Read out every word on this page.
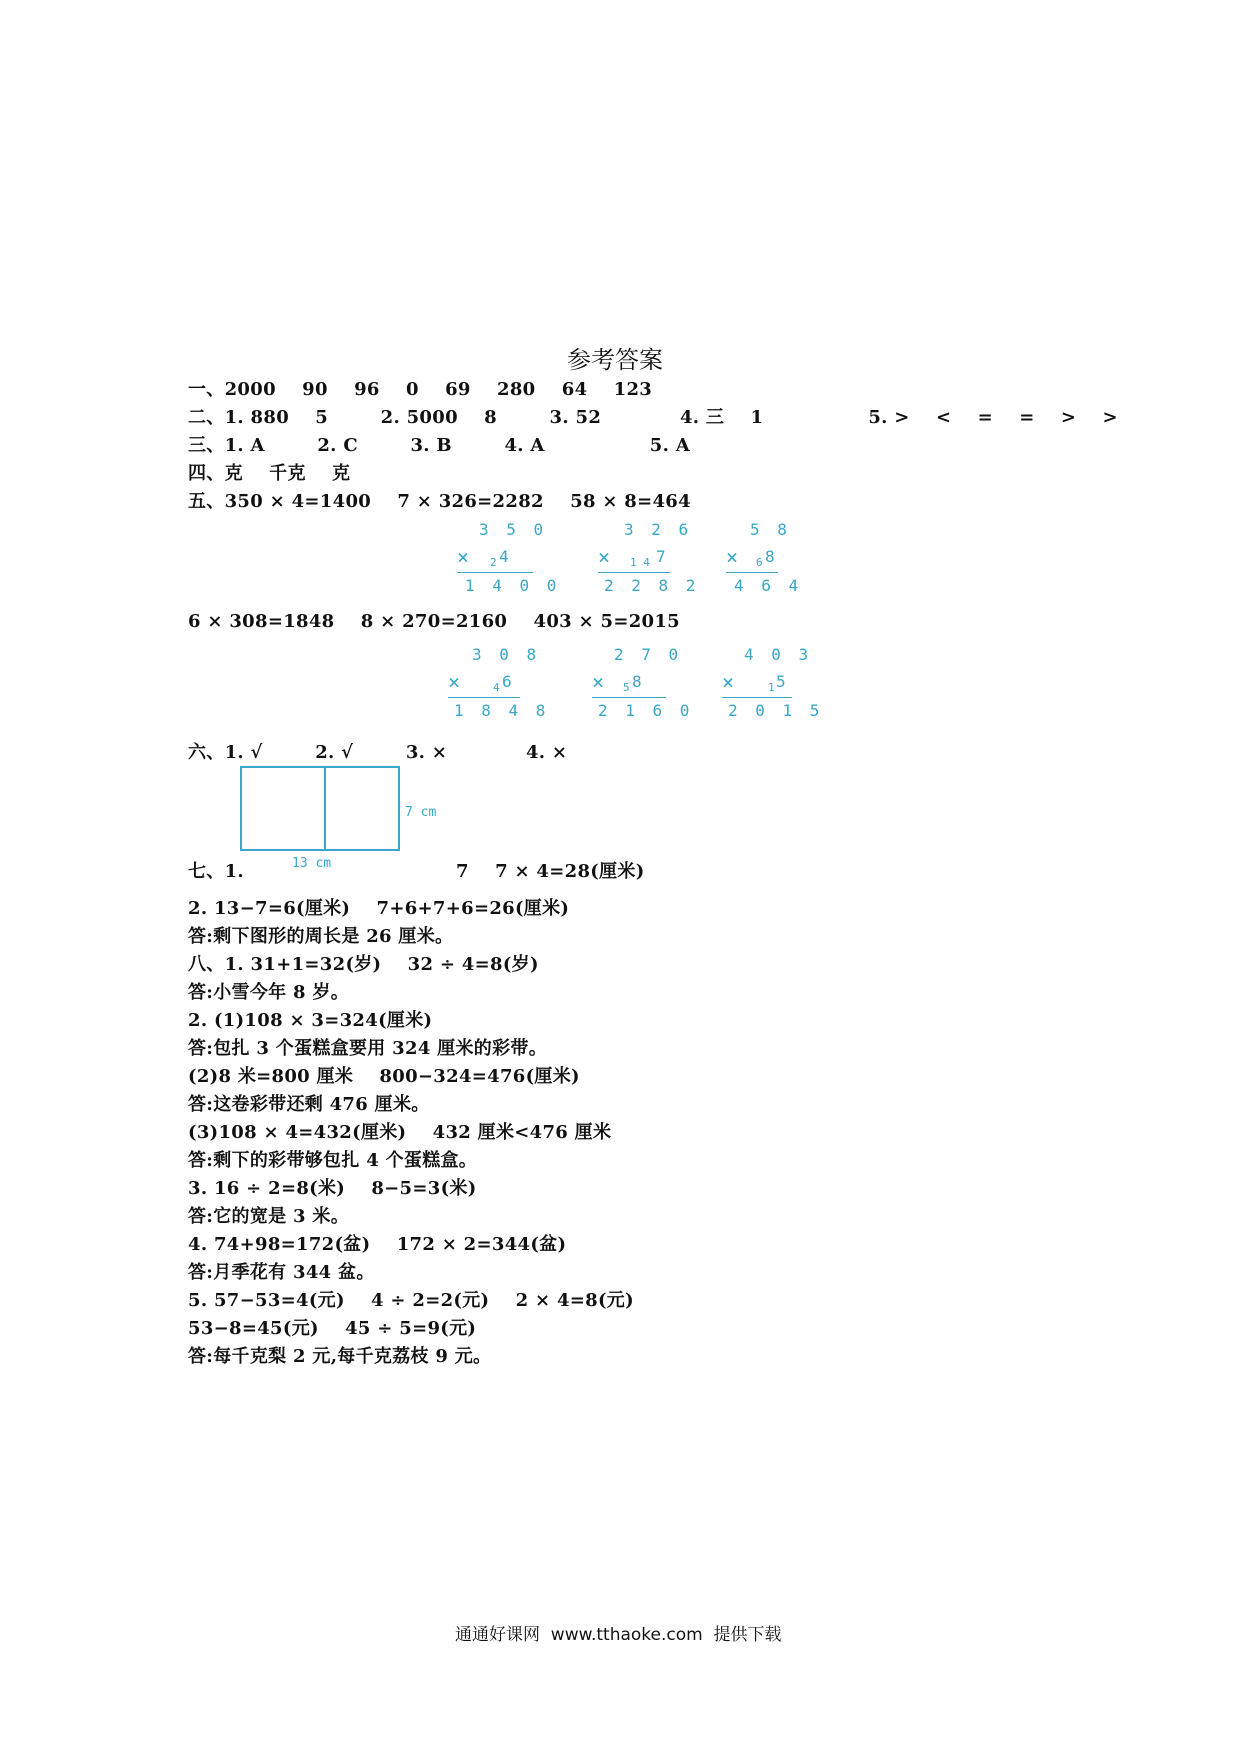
参考答案
一、2000    90    96    0    69    280    64    123
二、1. 880    5        2. 5000    8        3. 52            4. 三    1                5. >    <    =    =    >    >
三、1. A        2. C        3. B        4. A                5. A
四、克    千克    克
五、350 × 4=1400    7 × 326=2282    58 × 8=464
3 5 0
× 2 4
1 4 0 0
3 2 6
× 1 4 7
2 2 8 2
5 8
× 6 8
4 6 4
6 × 308=1848    8 × 270=2160    403 × 5=2015
3 0 8
×	4 6
1 8 4 8
2 7 0
× 5 8
2 1 6 0
4 0 3
×	1 5
2 0 1 5
六、1. √        2. √        3. ×            4. ×
7 cm
13 cm
七、1.	7    7 × 4=28(厘米)
2. 13−7=6(厘米)    7+6+7+6=26(厘米)
答:剩下图形的周长是 26 厘米。
八、1. 31+1=32(岁)    32 ÷ 4=8(岁)
答:小雪今年 8 岁。
2. (1)108 × 3=324(厘米)
答:包扎 3 个蛋糕盒要用 324 厘米的彩带。
(2)8 米=800 厘米    800−324=476(厘米)
答:这卷彩带还剩 476 厘米。
(3)108 × 4=432(厘米)    432 厘米<476 厘米
答:剩下的彩带够包扎 4 个蛋糕盒。
3. 16 ÷ 2=8(米)    8−5=3(米)
答:它的宽是 3 米。
4. 74+98=172(盆)    172 × 2=344(盆)
答:月季花有 344 盆。
5. 57−53=4(元)    4 ÷ 2=2(元)    2 × 4=8(元)
53−8=45(元)    45 ÷ 5=9(元)
答:每千克梨 2 元,每千克荔枝 9 元。
通通好课网  www.tthaoke.com  提供下载
